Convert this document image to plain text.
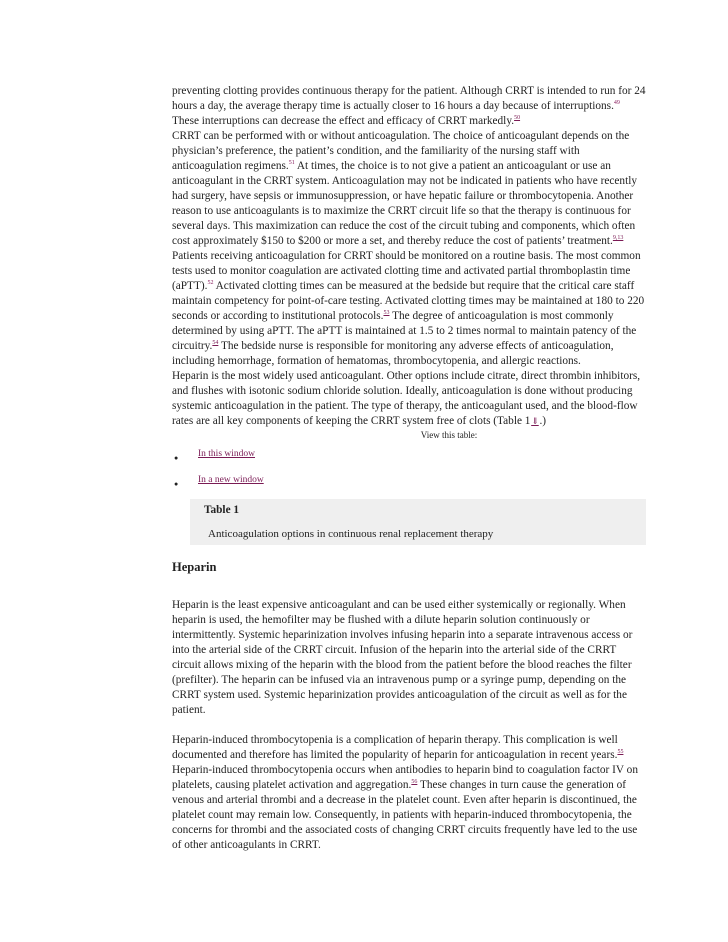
preventing clotting provides continuous therapy for the patient. Although CRRT is intended to run for 24 hours a day, the average therapy time is actually closer to 16 hours a day because of interruptions.$^{49}$ These interruptions can decrease the effect and efficacy of CRRT markedly.$^{50}$

CRRT can be performed with or without anticoagulation. The choice of anticoagulant depends on the physician’s preference, the patient’s condition, and the familiarity of the nursing staff with anticoagulation regimens.$^{51}$ At times, the choice is to not give a patient an anticoagulant or use an anticoagulant in the CRRT system. Anticoagulation may not be indicated in patients who have recently had surgery, have sepsis or immunosuppression, or have hepatic failure or thrombocytopenia. Another reason to use anticoagulants is to maximize the CRRT circuit life so that the therapy is continuous for several days. This maximization can reduce the cost of the circuit tubing and components, which often cost approximately $150 to $200 or more a set, and thereby reduce the cost of patients’ treatment.$^{9,13}$

Patients receiving anticoagulation for CRRT should be monitored on a routine basis. The most common tests used to monitor coagulation are activated clotting time and activated partial thromboplastin time (aPTT).$^{52}$ Activated clotting times can be measured at the bedside but require that the critical care staff maintain competency for point-of-care testing. Activated clotting times may be maintained at 180 to 220 seconds or according to institutional protocols.$^{53}$ The degree of anticoagulation is most commonly determined by using aPTT. The aPTT is maintained at 1.5 to 2 times normal to maintain patency of the circuitry.$^{54}$ The bedside nurse is responsible for monitoring any adverse effects of anticoagulation, including hemorrhage, formation of hematomas, thrombocytopenia, and allergic reactions.

Heparin is the most widely used anticoagulant. Other options include citrate, direct thrombin inhibitors, and flushes with isotonic sodium chloride solution. Ideally, anticoagulation is done without producing systemic anticoagulation in the patient. The type of therapy, the anticoagulant used, and the blood-flow rates are all key components of keeping the CRRT system free of clots (Table 1⇓.)

View this table:
● In this window
● In a new window
Table 1
Anticoagulation options in continuous renal replacement therapy
Heparin

Heparin is the least expensive anticoagulant and can be used either systemically or regionally. When heparin is used, the hemofilter may be flushed with a dilute heparin solution continuously or intermittently. Systemic heparinization involves infusing heparin into a separate intravenous access or into the arterial side of the CRRT circuit. Infusion of the heparin into the arterial side of the CRRT circuit allows mixing of the heparin with the blood from the patient before the blood reaches the filter (prefilter). The heparin can be infused via an intravenous pump or a syringe pump, depending on the CRRT system used. Systemic heparinization provides anticoagulation of the circuit as well as for the patient.

Heparin-induced thrombocytopenia is a complication of heparin therapy. This complication is well documented and therefore has limited the popularity of heparin for anticoagulation in recent years.$^{55}$ Heparin-induced thrombocytopenia occurs when antibodies to heparin bind to coagulation factor IV on platelets, causing platelet activation and aggregation.$^{56}$ These changes in turn cause the generation of venous and arterial thrombi and a decrease in the platelet count. Even after heparin is discontinued, the platelet count may remain low. Consequently, in patients with heparin-induced thrombocytopenia, the concerns for thrombi and the associated costs of changing CRRT circuits frequently have led to the use of other anticoagulants in CRRT.
